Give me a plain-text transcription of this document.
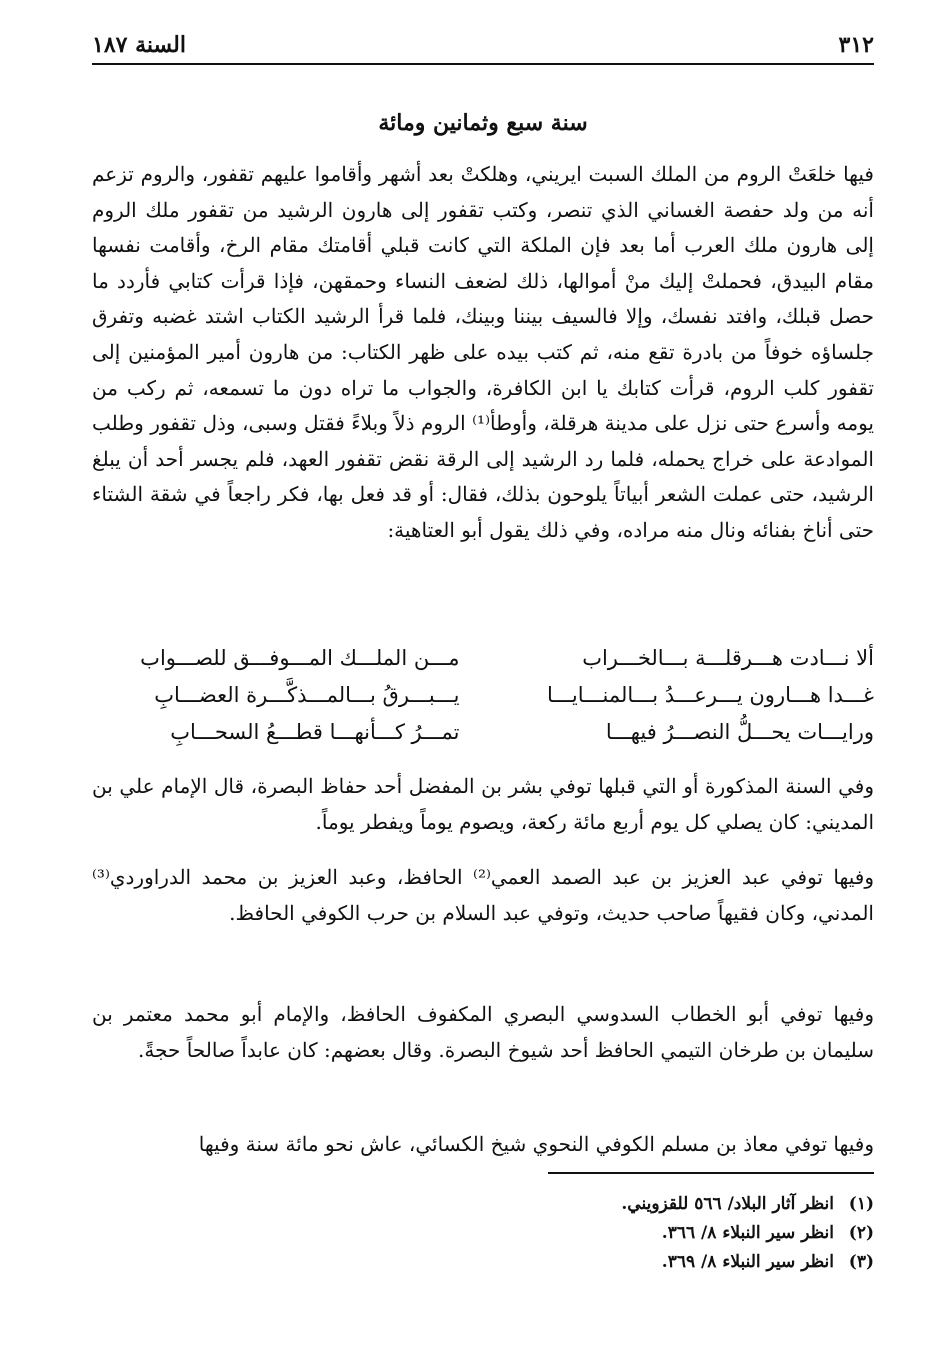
٣١٢
السنة ١٨٧
سنة سبع وثمانين ومائة
فيها خلعَتْ الروم من الملك السبت ايريني، وهلكتْ بعد أشهر وأقاموا عليهم تقفور، والروم تزعم أنه من ولد حفصة الغساني الذي تنصر، وكتب تقفور إلى هارون الرشيد من تقفور ملك الروم إلى هارون ملك العرب أما بعد فإن الملكة التي كانت قبلي أقامتك مقام الرخ، وأقامت نفسها مقام البيدق، فحملتْ إليك منْ أموالها، ذلك لضعف النساء وحمقهن، فإذا قرأت كتابي فأردد ما حصل قبلك، وافتد نفسك، وإلا فالسيف بيننا وبينك، فلما قرأ الرشيد الكتاب اشتد غضبه وتفرق جلساؤه خوفاً من بادرة تقع منه، ثم كتب بيده على ظهر الكتاب: من هارون أمير المؤمنين إلى تقفور كلب الروم، قرأت كتابك يا ابن الكافرة، والجواب ما تراه دون ما تسمعه، ثم ركب من يومه وأسرع حتى نزل على مدينة هرقلة، وأوطأ⁽¹⁾ الروم ذلاً وبلاءً فقتل وسبى، وذل تقفور وطلب الموادعة على خراج يحمله، فلما رد الرشيد إلى الرقة نقض تقفور العهد، فلم يجسر أحد أن يبلغ الرشيد، حتى عملت الشعر أبياتاً يلوحون بذلك، فقال: أو قد فعل بها، فكر راجعاً في شقة الشتاء حتى أناخ بفنائه ونال منه مراده، وفي ذلك يقول أبو العتاهية:
ألا نـــادت هـــرقلـــة بـــالخـــراب
مـــن الملـــك المـــوفـــق للصـــواب
غـــدا هـــارون يـــرعـــدُ بـــالمنـــايـــا
يـــبـــرقُ بـــالمـــذكَّـــرة العضـــابِ
ورايـــات يحـــلُّ النصـــرُ فيهـــا
تمـــرُ كـــأنهـــا قطـــعُ السحـــابِ
وفي السنة المذكورة أو التي قبلها توفي بشر بن المفضل أحد حفاظ البصرة، قال الإمام علي بن المديني: كان يصلي كل يوم أربع مائة ركعة، ويصوم يوماً ويفطر يوماً.
وفيها توفي عبد العزيز بن عبد الصمد العمي⁽²⁾ الحافظ، وعبد العزيز بن محمد الدراوردي⁽³⁾ المدني، وكان فقيهاً صاحب حديث، وتوفي عبد السلام بن حرب الكوفي الحافظ.
وفيها توفي أبو الخطاب السدوسي البصري المكفوف الحافظ، والإمام أبو محمد معتمر بن سليمان بن طرخان التيمي الحافظ أحد شيوخ البصرة. وقال بعضهم: كان عابداً صالحاً حجةً.
وفيها توفي معاذ بن مسلم الكوفي النحوي شيخ الكسائي، عاش نحو مائة سنة وفيها
(١)
انظر آثار البلاد/ ٥٦٦ للقزويني.
(٢)
انظر سير النبلاء ٨/ ٣٦٦.
(٣)
انظر سير النبلاء ٨/ ٣٦٩.
